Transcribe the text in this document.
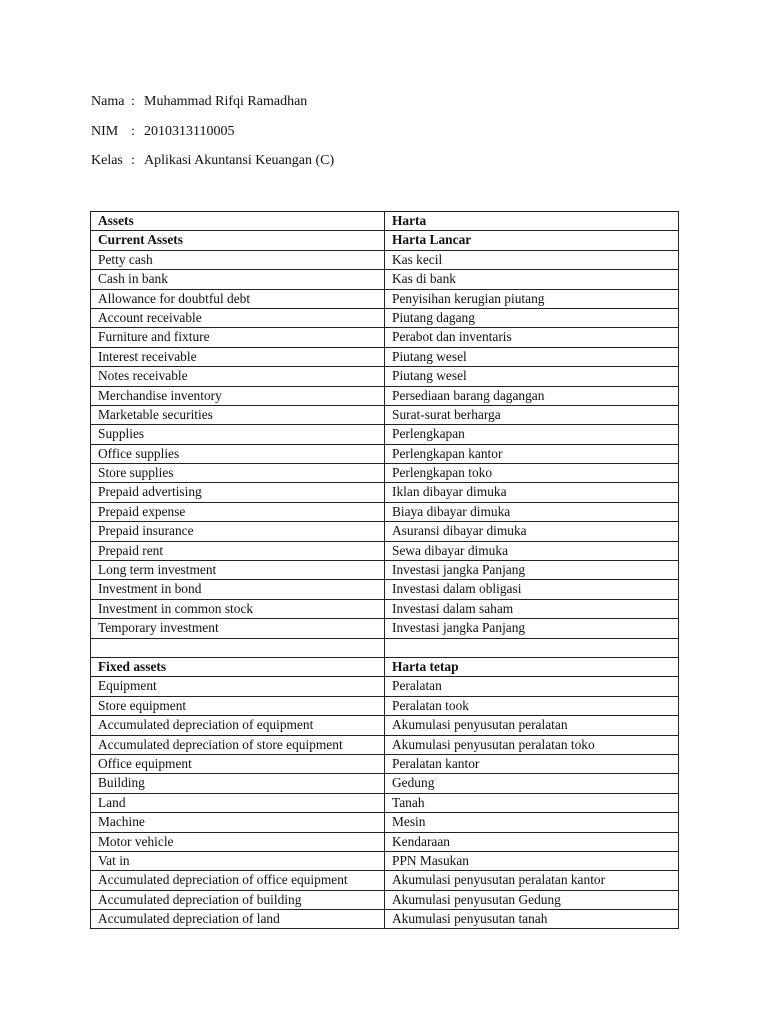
Nama : Muhammad Rifqi Ramadhan
NIM : 2010313110005
Kelas : Aplikasi Akuntansi Keuangan (C)
Assets	Harta
Current Assets	Harta Lancar
Petty cash	Kas kecil
Cash in bank	Kas di bank
Allowance for doubtful debt	Penyisihan kerugian piutang
Account receivable	Piutang dagang
Furniture and fixture	Perabot dan inventaris
Interest receivable	Piutang wesel
Notes receivable	Piutang wesel
Merchandise inventory	Persediaan barang dagangan
Marketable securities	Surat-surat berharga
Supplies	Perlengkapan
Office supplies	Perlengkapan kantor
Store supplies	Perlengkapan toko
Prepaid advertising	Iklan dibayar dimuka
Prepaid expense	Biaya dibayar dimuka
Prepaid insurance	Asuransi dibayar dimuka
Prepaid rent	Sewa dibayar dimuka
Long term investment	Investasi jangka Panjang
Investment in bond	Investasi dalam obligasi
Investment in common stock	Investasi dalam saham
Temporary investment	Investasi jangka Panjang

Fixed assets	Harta tetap
Equipment	Peralatan
Store equipment	Peralatan took
Accumulated depreciation of equipment	Akumulasi penyusutan peralatan
Accumulated depreciation of store equipment	Akumulasi penyusutan peralatan toko
Office equipment	Peralatan kantor
Building	Gedung
Land	Tanah
Machine	Mesin
Motor vehicle	Kendaraan
Vat in	PPN Masukan
Accumulated depreciation of office equipment	Akumulasi penyusutan peralatan kantor
Accumulated depreciation of building	Akumulasi penyusutan Gedung
Accumulated depreciation of land	Akumulasi penyusutan tanah
